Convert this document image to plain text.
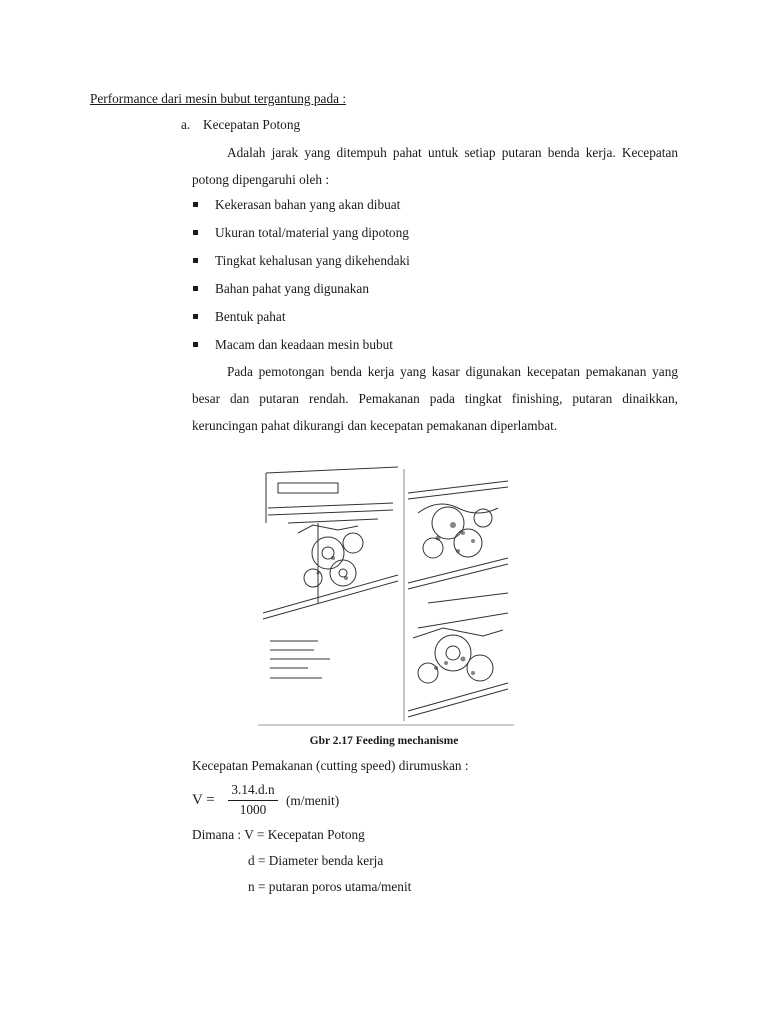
Performance dari mesin bubut tergantung pada :
a. Kecepatan Potong
Adalah jarak yang ditempuh pahat untuk setiap putaran benda kerja. Kecepatan potong dipengaruhi oleh :
Kekerasan bahan yang akan dibuat
Ukuran total/material yang dipotong
Tingkat kehalusan yang dikehendaki
Bahan pahat yang digunakan
Bentuk pahat
Macam dan keadaan mesin bubut
Pada pemotongan benda kerja yang kasar digunakan kecepatan pemakanan yang besar dan putaran rendah. Pemakanan pada tingkat finishing, putaran dinaikkan, keruncingan pahat dikurangi dan kecepatan pemakanan diperlambat.
Gbr 2.17 Feeding mechanisme
Kecepatan Pemakanan (cutting speed) dirumuskan :
V =
3.14.d.n
1000
(m/menit)
Dimana : V = Kecepatan Potong
d = Diameter benda kerja
n = putaran poros utama/menit
